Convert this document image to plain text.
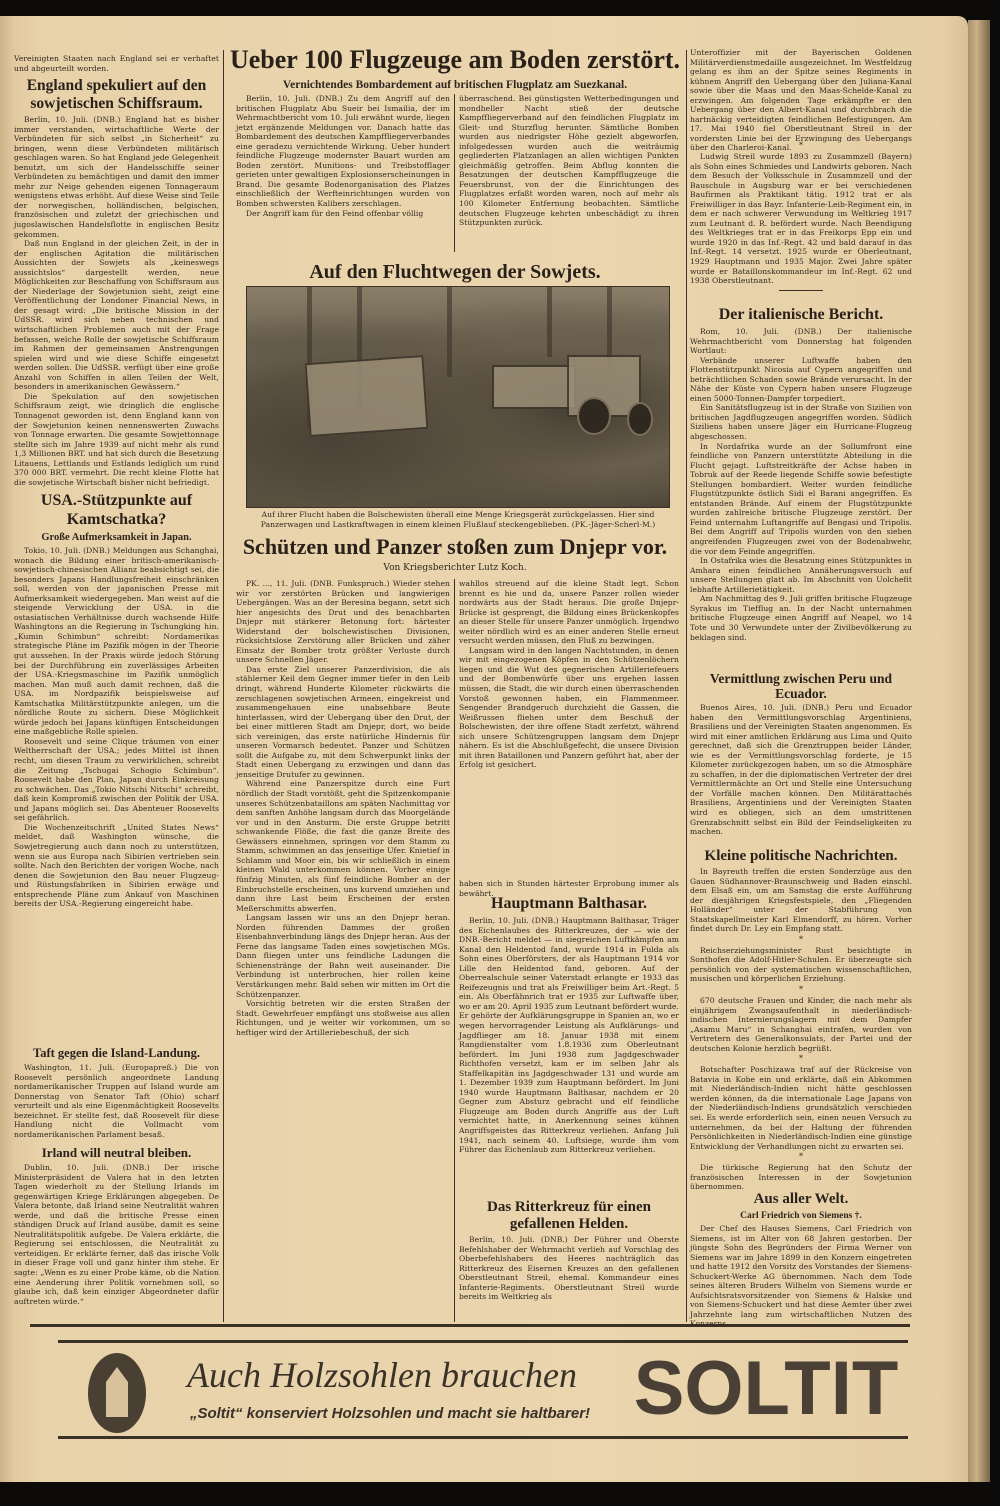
Vereinigten Staaten nach England sei er verhaftet und abgeurteilt worden.
England spekuliert auf den sowjetischen Schiffsraum.

Berlin, 10. Juli. (DNB.) England hat es bisher immer verstanden, wirtschaftliche Werte der Verbündeten für sich selbst „in Sicherheit“ zu bringen, wenn diese Verbündeten militärisch geschlagen waren. So hat England jede Gelegenheit benutzt, um sich der Handelsschiffe seiner Verbündeten zu bemächtigen und damit den immer mehr zur Neige gehenden eigenen Tonnageraum wenigstens etwas erhöht. Auf diese Weise sind Teile der norwegischen, holländischen, belgischen, französischen und zuletzt der griechischen und jugoslawischen Handelsflotte in englischen Besitz gekommen.

Daß nun England in der gleichen Zeit, in der in der englischen Agitation die militärischen Aussichten der Sowjets als „keineswegs aussichtslos“ dargestellt werden, neue Möglichkeiten zur Beschaffung von Schiffsraum aus der Niederlage der Sowjetunion sieht, zeigt eine Veröffentlichung der Londoner Financial News, in der gesagt wird: „Die britische Mission in der UdSSR. wird sich neben technischen und wirtschaftlichen Problemen auch mit der Frage befassen, welche Rolle der sowjetische Schiffsraum im Rahmen der gemeinsamen Anstrengungen spielen wird und wie diese Schiffe eingesetzt werden sollen. Die UdSSR. verfügt über eine große Anzahl von Schiffen in allen Teilen der Welt, besonders in amerikanischen Gewässern.“

Die Spekulation auf den sowjetischen Schiffsraum zeigt, wie dringlich die englische Tonnagenot geworden ist, denn England kann von der Sowjetunion keinen nennenswerten Zuwachs von Tonnage erwarten. Die gesamte Sowjettonnage stellte sich im Jahre 1939 auf nicht mehr als rund 1,3 Millionen BRT. und hat sich durch die Besetzung Litauens, Lettlands und Estlands lediglich um rund 370 000 BRT. vermehrt. Die recht kleine Flotte hat die sowjetische Wirtschaft bisher nicht befriedigt.

USA.-Stützpunkte auf Kamtschatka?
Große Aufmerksamkeit in Japan.

Tokio, 10. Juli. (DNB.) Meldungen aus Schanghai, wonach die Bildung einer britisch-amerikanisch-sowjetisch-chinesischen Allianz beabsichtigt sei, die besonders Japans Handlungsfreiheit einschränken soll, werden von der japanischen Presse mit Aufmerksamkeit wiedergegeben. Man weist auf die steigende Verwicklung der USA. in die ostasiatischen Verhältnisse durch wachsende Hilfe Washingtons an die Regierung in Tschungking hin. „Kumin Schimbun“ schreibt: Nordamerikas strategische Pläne im Pazifik mögen in der Theorie gut aussehen. In der Praxis würde jedoch Störung bei der Durchführung ein zuverlässiges Arbeiten der USA.-Kriegsmaschine im Pazifik unmöglich machen. Man muß auch damit rechnen, daß die USA. im Nordpazifik beispielsweise auf Kamtschatka Militärstützpunkte anlegen, um die nördliche Route zu sichern. Diese Möglichkeit würde jedoch bei Japans künftigen Entscheidungen eine maßgebliche Rolle spielen.

Roosevelt und seine Clique träumen von einer Weltherrschaft der USA.; jedes Mittel ist ihnen recht, um diesen Traum zu verwirklichen, schreibt die Zeitung „Tschugai Schogio Schimbun“. Roosevelt habe den Plan, Japan durch Einkreisung zu schwächen. Das „Tokio Nitschi Nitschi“ schreibt, daß kein Kompromiß zwischen der Politik der USA. und Japans möglich sei. Das Abenteuer Roosevelts sei gefährlich.

Die Wochenzeitschrift „United States News“ meldet, daß Washington wünsche, die Sowjetregierung auch dann noch zu unterstützen, wenn sie aus Europa nach Sibirien vertrieben sein sollte. Nach den Berichten der vorigen Woche, nach denen die Sowjetunion den Bau neuer Flugzeug- und Rüstungsfabriken in Sibirien erwäge und entsprechende Pläne zum Ankauf von Maschinen bereits der USA.-Regierung eingereicht habe.

Taft gegen die Island-Landung.

Washington, 11. Juli. (Europapreß.) Die von Roosevelt persönlich angeordnete Landung nordamerikanischer Truppen auf Island wurde am Donnerstag von Senator Taft (Ohio) scharf verurteilt und als eine Eigenmächtigkeit Roosevelts bezeichnet. Er stellte fest, daß Roosevelt für diese Handlung nicht die Vollmacht vom nordamerikanischen Parlament besaß.

Irland will neutral bleiben.

Dublin, 10. Juli. (DNB.) Der irische Ministerpräsident de Valera hat in den letzten Tagen wiederholt zu der Stellung Irlands im gegenwärtigen Kriege Erklärungen abgegeben. De Valera betonte, daß Irland seine Neutralität wahren werde, und daß die britische Presse einen ständigen Druck auf Irland ausübe, damit es seine Neutralitätspolitik aufgebe. De Valera erklärte, die Regierung sei entschlossen, die Neutralität zu verteidigen. Er erklärte ferner, daß das irische Volk in dieser Frage voll und ganz hinter ihm stehe. Er sagte: „Wenn es zu einer Probe käme, ob die Nation eine Aenderung ihrer Politik vornehmen soll, so glaube ich, daß kein einziger Abgeordneter dafür auftreten würde.“

Ueber 100 Flugzeuge am Boden zerstört.
Vernichtendes Bombardement auf britischen Flugplatz am Suezkanal.

Berlin, 10. Juli. (DNB.) Zu dem Angriff auf den britischen Flugplatz Abu Sueir bei Ismailia, der im Wehrmachtbericht vom 10. Juli erwähnt wurde, liegen jetzt ergänzende Meldungen vor. Danach hatte das Bombardement des deutschen Kampffliegerverbandes eine geradezu vernichtende Wirkung. Ueber hundert feindliche Flugzeuge modernster Bauart wurden am Boden zerstört. Munitions- und Treibstofflager gerieten unter gewaltigen Explosionserscheinungen in Brand. Die gesamte Bodenorganisation des Platzes einschließlich der Werfteinrichtungen wurden von Bomben schwersten Kalibers zerschlagen.

Der Angriff kam für den Feind offenbar völlig

überraschend. Bei günstigsten Wetterbedingungen und mondheller Nacht stieß der deutsche Kampffliegerverband auf den feindlichen Flugplatz im Gleit- und Sturzflug herunter. Sämtliche Bomben wurden aus niedrigster Höhe gezielt abgeworfen, infolgedessen wurden auch die weiträumig gegliederten Platzanlagen an allen wichtigen Punkten gleichmäßig getroffen. Beim Abflug konnten die Besatzungen der deutschen Kampfflugzeuge die Feuersbrunst, von der die Einrichtungen des Flugplatzes erfaßt worden waren, noch auf mehr als 100 Kilometer Entfernung beobachten. Sämtliche deutschen Flugzeuge kehrten unbeschädigt zu ihren Stützpunkten zurück.

Auf den Fluchtwegen der Sowjets.
Auf ihrer Flucht haben die Bolschewisten überall eine Menge Kriegsgerät zurückgelassen. Hier sind Panzerwagen und Lastkraftwagen in einem kleinen Flußlauf steckengeblieben. (PK.-Jäger-Scherl-M.)
Schützen und Panzer stoßen zum Dnjepr vor.
Von Kriegsberichter Lutz Koch.

PK. ..., 11. Juli. (DNB. Funkspruch.) Wieder stehen wir vor zerstörten Brücken und langwierigen Uebergängen. Was an der Beresina begann, setzt sich hier angesichts des Drut und des benachbarten Dnjepr mit stärkerer Betonung fort: härtester Widerstand der bolschewistischen Divisionen, rücksichtslose Zerstörung aller Brücken und zäher Einsatz der Bomber trotz größter Verluste durch unsere Schnellen Jäger.

Das erste Ziel unserer Panzerdivision, die als stählerner Keil dem Gegner immer tiefer in den Leib dringt, während Hunderte Kilometer rückwärts die zerschlagenen sowjetischen Armeen, eingekreist und zusammengehauen eine unabsehbare Beute hinterlassen, wird der Uebergang über den Drut, der bei einer mittleren Stadt am Dnjepr, dort, wo beide sich vereinigen, das erste natürliche Hindernis für unseren Vormarsch bedeutet. Panzer und Schützen sollt die Aufgabe zu, mit dem Schwerpunkt links der Stadt einen Uebergang zu erzwingen und dann das jenseitige Drutufer zu gewinnen.

Während eine Panzerspitze durch eine Furt nördlich der Stadt vorstößt, geht die Spitzenkompanie unseres Schützenbataillons am späten Nachmittag vor dem sanften Anhöhe langsam durch das Moorgelände vor und in den Ansturm. Die erste Gruppe betritt schwankende Flöße, die fast die ganze Breite des Gewässers einnehmen, springen vor dem Stamm zu Stamm, schwimmen an das jenseitige Ufer. Knietief in Schlamm und Moor ein, bis wir schließlich in einem kleinen Wald unterkommen können. Vorher einige fünfzig Minuten, als fünf feindliche Bomber an der Einbruchstelle erscheinen, uns kurvend umziehen und dann ihre Last beim Erscheinen der ersten Meßerschmitts abwerfen.

Langsam lassen wir uns an den Dnjepr heran. Norden führenden Dammes der großen Eisenbahnverbindung längs des Dnjepr heran. Aus der Ferne das langsame Taden eines sowjetischen MGs. Dann fliegen unter uns feindliche Ladungen die Schienenstränge der Bahn weit auseinander. Die Verbindung ist unterbrochen, hier rollen keine Verstärkungen mehr. Bald sehen wir mitten im Ort die Schützenpanzer.

Vorsichtig betreten wir die ersten Straßen der Stadt. Gewehrfeuer empfängt uns stoßweise aus allen Richtungen, und je weiter wir vorkommen, um so heftiger wird der Artilleriebeschuß, der sich

wahllos streuend auf die kleine Stadt legt. Schon brennt es hie und da, unsere Panzer rollen wieder nordwärts aus der Stadt heraus. Die große Dnjepr-Brücke ist gesprengt, die Bildung eines Brückenkopfes an dieser Stelle für unsere Panzer unmöglich. Irgendwo weiter nördlich wird es an einer anderen Stelle erneut versucht werden müssen, den Fluß zu bezwingen.

Langsam wird in den langen Nachtstunden, in denen wir mit eingezogenen Köpfen in den Schützenlöchern liegen und die Wut des gegnerischen Artilleriefeuers und der Bombenwürfe über uns ergehen lassen müssen, die Stadt, die wir durch einen überraschenden Vorstoß gewonnen haben, ein Flammenmeer. Sengender Brandgeruch durchzieht die Gassen, die Weißrussen fliehen unter dem Beschuß der Bolschewisten, der ihre offene Stadt zerfetzt, während sich unsere Schützengruppen langsam dem Dnjepr nähern. Es ist die Abschlußgefecht, die unsere Division mit ihren Bataillonen und Panzern geführt hat, aber der Erfolg ist gesichert.

haben sich in Stunden härtester Erprobung immer als bewährt.
Hauptmann Balthasar.

Berlin, 10. Juli. (DNB.) Hauptmann Balthasar, Träger des Eichenlaubes des Ritterkreuzes, der — wie der DNB.-Bericht meldet — in siegreichen Luftkämpfen am Kanal den Heldentod fand, wurde 1914 in Fulda als Sohn eines Oberförsters, der als Hauptmann 1914 vor Lille den Heldentod fand, geboren. Auf der Oberrealschule seiner Vaterstadt erlangte er 1933 das Reifezeugnis und trat als Freiwilliger beim Art.-Regt. 5 ein. Als Oberfähnrich trat er 1935 zur Luftwaffe über, wo er am 20. April 1935 zum Leutnant befördert wurde. Er gehörte der Aufklärungsgruppe in Spanien an, wo er wegen hervorragender Leistung als Aufklärungs- und Jagdflieger am 18. Januar 1938 mit einem Rangdienstalter vom 1.8.1936 zum Oberleutnant befördert. Im Juni 1938 zum Jagdgeschwader Richthofen versetzt, kam er im selben Jahr als Staffelkapitän ins Jagdgeschwader 131 und wurde am 1. Dezember 1939 zum Hauptmann befördert. Im Juni 1940 wurde Hauptmann Balthasar, nachdem er 20 Gegner zum Absturz gebracht und elf feindliche Flugzeuge am Boden durch Angriffe aus der Luft vernichtet hatte, in Anerkennung seines kühnen Angriffsgeistes das Ritterkreuz verliehen. Anfang Juli 1941, nach seinem 40. Luftsiege, wurde ihm vom Führer das Eichenlaub zum Ritterkreuz verliehen.

Das Ritterkreuz für einen gefallenen Helden.

Berlin, 10. Juli. (DNB.) Der Führer und Oberste Befehlshaber der Wehrmacht verlieh auf Vorschlag des Oberbefehlshabers des Heeres nachträglich das Ritterkreuz des Eisernen Kreuzes an den gefallenen Oberstleutnant Streil, ehemal. Kommandeur eines Infanterie-Regiments. Oberstleutnant Streil wurde bereits im Weltkrieg als

Unteroffizier mit der Bayerischen Goldenen Militärverdienstmedaille ausgezeichnet. Im Westfeldzug gelang es ihm an der Spitze seines Regiments in kühnem Angriff den Uebergang über den Juliana-Kanal sowie über die Maas und den Maas-Schelde-Kanal zu erzwingen. Am folgenden Tage erkämpfte er den Uebergang über den Albert-Kanal und durchbrach die hartnäckig verteidigten feindlichen Befestigungen. Am 17. Mai 1940 fiel Oberstleutnant Streil in der vordersten Linie bei der Erzwingung des Uebergangs über den Charleroi-Kanal. *

Ludwig Streil wurde 1893 zu Zusammzell (Bayern) als Sohn eines Schmiedes und Landwirts geboren. Nach dem Besuch der Volksschule in Zusammzell und der Bauschule in Augsburg war er bei verschiedenen Baufirmen als Praktikant tätig. 1912 trat er als Freiwilliger in das Bayr. Infanterie-Leib-Regiment ein, in dem er nach schwerer Verwundung im Weltkrieg 1917 zum Leutnant d. R. befördert wurde. Nach Beendigung des Weltkrieges trat er in das Freikorps Epp ein und wurde 1920 in das Inf.-Regt. 42 und bald darauf in das Inf.-Regt. 14 versetzt. 1925 wurde er Oberleutnant, 1929 Hauptmann und 1935 Major. Zwei Jahre später wurde er Bataillonskommandeur im Inf.-Regt. 62 und 1938 Oberstleutnant.

Der italienische Bericht.

Rom, 10. Juli. (DNB.) Der italienische Wehrmachtbericht vom Donnerstag hat folgenden Wortlaut:

Verbände unserer Luftwaffe haben den Flottenstützpunkt Nicosia auf Cypern angegriffen und beträchtlichen Schaden sowie Brände verursacht. In der Nähe der Küste von Cypern haben unsere Flugzeuge einen 5000-Tonnen-Dampfer torpediert.

Ein Sanitätsflugzeug ist in der Straße von Sizilien von britischen Jagdflugzeugen angegriffen worden. Südlich Siziliens haben unsere Jäger ein Hurricane-Flugzeug abgeschossen.

In Nordafrika wurde an der Sollumfront eine feindliche von Panzern unterstützte Abteilung in die Flucht gejagt. Luftstreitkräfte der Achse haben in Tobruk auf der Reede liegende Schiffe sowie befestigte Stellungen bombardiert. Weiter wurden feindliche Flugstützpunkte östlich Sidi el Barani angegriffen. Es entstanden Brände. Auf einem der Flugstützpunkte wurden zahlreiche britische Flugzeuge zerstört. Der Feind unternahm Luftangriffe auf Bengasi und Tripolis. Bei dem Angriff auf Tripolis wurden von den sieben angreifenden Flugzeugen zwei von der Bodenabwehr, die vor dem Feinde angegriffen.

In Ostafrika wies die Besatzung eines Stützpunktes in Amhara einen feindlichen Annäherungsversuch auf unsere Stellungen glatt ab. Im Abschnitt von Uolchefit lebhafte Artillerietätigkeit.

Am Nachmittag des 9. Juli griffen britische Flugzeuge Syrakus im Tiefflug an. In der Nacht unternahmen britische Flugzeuge einen Angriff auf Neapel, wo 14 Tote und 30 Verwundete unter der Zivilbevölkerung zu beklagen sind.

Vermittlung zwischen Peru und Ecuador.

Buenos Aires, 10. Juli. (DNB.) Peru und Ecuador haben den Vermittlungsvorschlag Argentiniens, Brasiliens und der Vereinigten Staaten angenommen. Es wird mit einer amtlichen Erklärung aus Lima und Quito gerechnet, daß sich die Grenztruppen beider Länder, wie es der Vermittlungsvorschlag forderte, je 15 Kilometer zurückgezogen haben, um so die Atmosphäre zu schaffen, in der die diplomatischen Vertreter der drei Vermittlermächte an Ort und Stelle eine Untersuchung der Vorfälle machen können. Den Militärattachés Brasiliens, Argentiniens und der Vereinigten Staaten wird es obliegen, sich an dem umstrittenen Grenzabschnitt selbst ein Bild der Feindseligkeiten zu machen.

Kleine politische Nachrichten.

In Bayreuth treffen die ersten Sonderzüge aus den Gauen Südhannover-Braunschweig und Baden einschl. dem Elsaß ein, um am Samstag die erste Aufführung der diesjährigen Kriegsfestspiele, den „Fliegenden Holländer“ unter der Stabführung von Staatskapellmeister Karl Elmendorff, zu hören. Vorher findet durch Dr. Ley ein Empfang statt.

*

Reichserziehungsminister Rust besichtigte in Sonthofen die Adolf-Hitler-Schulen. Er überzeugte sich persönlich von der systematischen wissenschaftlichen, musischen und körperlichen Erziehung.

*

670 deutsche Frauen und Kinder, die nach mehr als einjährigem Zwangsaufenthalt in niederländisch-indischen Internierungslagern mit dem Dampfer „Asamu Maru“ in Schanghai eintrafen, wurden von Vertretern des Generalkonsulats, der Partei und der deutschen Kolonie herzlich begrüßt.

*

Botschafter Poschizawa traf auf der Rückreise von Batavia in Kobe ein und erklärte, daß ein Abkommen mit Niederländisch-Indien nicht hätte geschlossen werden können, da die internationale Lage Japans von der Niederländisch-Indiens grundsätzlich verschieden sei. Es werde erforderlich sein, einen neuen Versuch zu unternehmen, da bei der Haltung der führenden Persönlichkeiten in Niederländisch-Indien eine günstige Entwicklung der Verhandlungen nicht zu erwarten sei.

*

Die türkische Regierung hat den Schutz der französischen Interessen in der Sowjetunion übernommen.

Aus aller Welt.
Carl Friedrich von Siemens †.

Der Chef des Hauses Siemens, Carl Friedrich von Siemens, ist im Alter von 68 Jahren gestorben. Der jüngste Sohn des Begründers der Firma Werner von Siemens war im Jahre 1899 in den Konzern eingetreten und hatte 1912 den Vorsitz des Vorstandes der Siemens-Schuckert-Werke AG übernommen. Nach dem Tode seines älteren Bruders Wilhelm von Siemens wurde er Aufsichtsratsvorsitzender von Siemens & Halske und von Siemens-Schuckert und hat diese Aemter über zwei Jahrzehnte lang zum wirtschaftlichen Nutzen des Konzerns

Auch Holzsohlen brauchen
„Soltit“ konserviert Holzsohlen und macht sie haltbarer! SOLTIT
